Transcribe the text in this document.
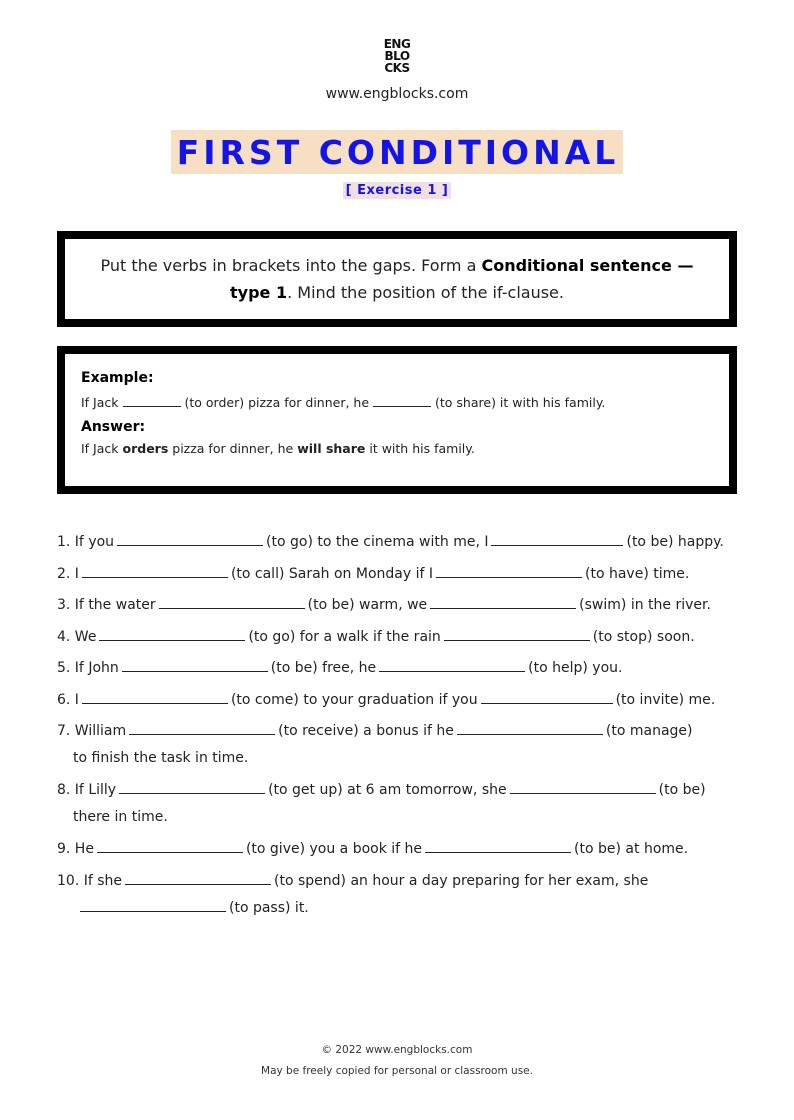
ENG
BLO
CKS
www.engblocks.com
FIRST CONDITIONAL
[ Exercise 1 ]
Put the verbs in brackets into the gaps. Form a Conditional sentence — type 1. Mind the position of the if-clause.
Example:
If Jack	(to order) pizza for dinner, he	(to share) it with his family.
Answer:
If Jack orders pizza for dinner, he will share it with his family.
1. If you	(to go) to the cinema with me, I	(to be) happy.
2. I	(to call) Sarah on Monday if I	(to have) time.
3. If the water	(to be) warm, we	(swim) in the river.
4. We	(to go) for a walk if the rain	(to stop) soon.
5. If John	(to be) free, he	(to help) you.
6. I	(to come) to your graduation if you	(to invite) me.
7. William	(to receive) a bonus if he	(to manage)
to finish the task in time.
8. If Lilly	(to get up) at 6 am tomorrow, she	(to be)
there in time.
9. He	(to give) you a book if he	(to be) at home.
10. If she	(to spend) an hour a day preparing for her exam, she
(to pass) it.
© 2022 www.engblocks.com
May be freely copied for personal or classroom use.
